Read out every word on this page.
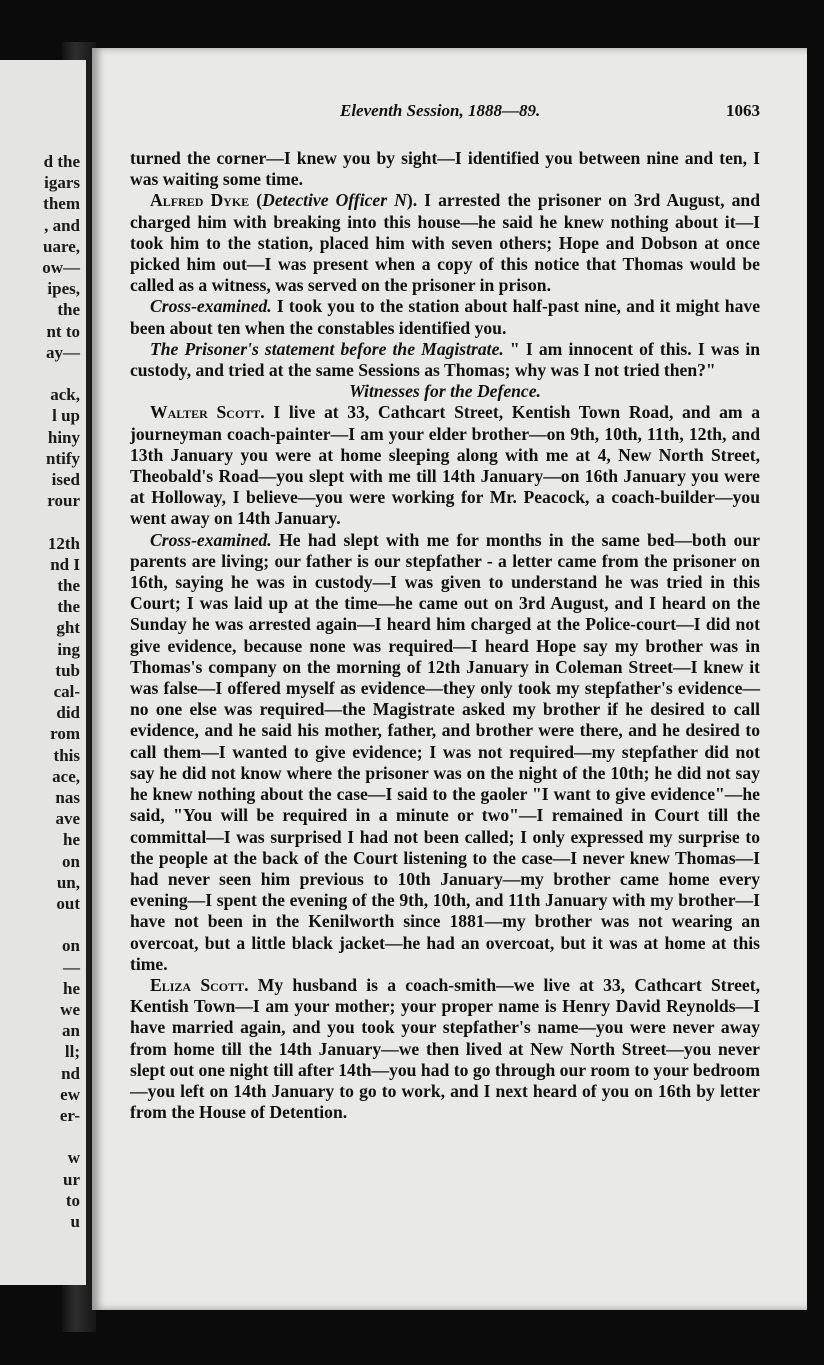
d the
igars
them
, and
uare,
ow—
ipes,
the
nt to
ay—
ack,
l up
hiny
ntify
ised
rour
12th
nd I
the
the
ght
ing
tub
cal-
did
rom
this
ace,
nas
ave
he
on
un,
out
on
—
he
we
an
ll;
nd
ew
er-
w
ur
to
u
Eleventh Session, 1888—89.	1063

turned the corner—I knew you by sight—I identified you between nine and ten, I was waiting some time.

Alfred Dyke (Detective Officer N). I arrested the prisoner on 3rd August, and charged him with breaking into this house—he said he knew nothing about it—I took him to the station, placed him with seven others; Hope and Dobson at once picked him out—I was present when a copy of this notice that Thomas would be called as a witness, was served on the prisoner in prison.

Cross-examined. I took you to the station about half-past nine, and it might have been about ten when the constables identified you.

The Prisoner's statement before the Magistrate. " I am innocent of this. I was in custody, and tried at the same Sessions as Thomas; why was I not tried then?"

Witnesses for the Defence.

Walter Scott. I live at 33, Cathcart Street, Kentish Town Road, and am a journeyman coach-painter—I am your elder brother—on 9th, 10th, 11th, 12th, and 13th January you were at home sleeping along with me at 4, New North Street, Theobald's Road—you slept with me till 14th January—on 16th January you were at Holloway, I believe—you were working for Mr. Peacock, a coach-builder—you went away on 14th January.

Cross-examined. He had slept with me for months in the same bed—both our parents are living; our father is our stepfather - a letter came from the prisoner on 16th, saying he was in custody—I was given to understand he was tried in this Court; I was laid up at the time—he came out on 3rd August, and I heard on the Sunday he was arrested again—I heard him charged at the Police-court—I did not give evidence, because none was required—I heard Hope say my brother was in Thomas's company on the morning of 12th January in Coleman Street—I knew it was false—I offered myself as evidence—they only took my stepfather's evidence—no one else was required—the Magistrate asked my brother if he desired to call evidence, and he said his mother, father, and brother were there, and he desired to call them—I wanted to give evidence; I was not required—my stepfather did not say he did not know where the prisoner was on the night of the 10th; he did not say he knew nothing about the case—I said to the gaoler "I want to give evidence"—he said, "You will be required in a minute or two"—I remained in Court till the committal—I was surprised I had not been called; I only expressed my surprise to the people at the back of the Court listening to the case—I never knew Thomas—I had never seen him previous to 10th January—my brother came home every evening—I spent the evening of the 9th, 10th, and 11th January with my brother—I have not been in the Kenilworth since 1881—my brother was not wearing an overcoat, but a little black jacket—he had an overcoat, but it was at home at this time.

Eliza Scott. My husband is a coach-smith—we live at 33, Cathcart Street, Kentish Town—I am your mother; your proper name is Henry David Reynolds—I have married again, and you took your stepfather's name—you were never away from home till the 14th January—we then lived at New North Street—you never slept out one night till after 14th—you had to go through our room to your bedroom—you left on 14th January to go to work, and I next heard of you on 16th by letter from the House of Detention.
